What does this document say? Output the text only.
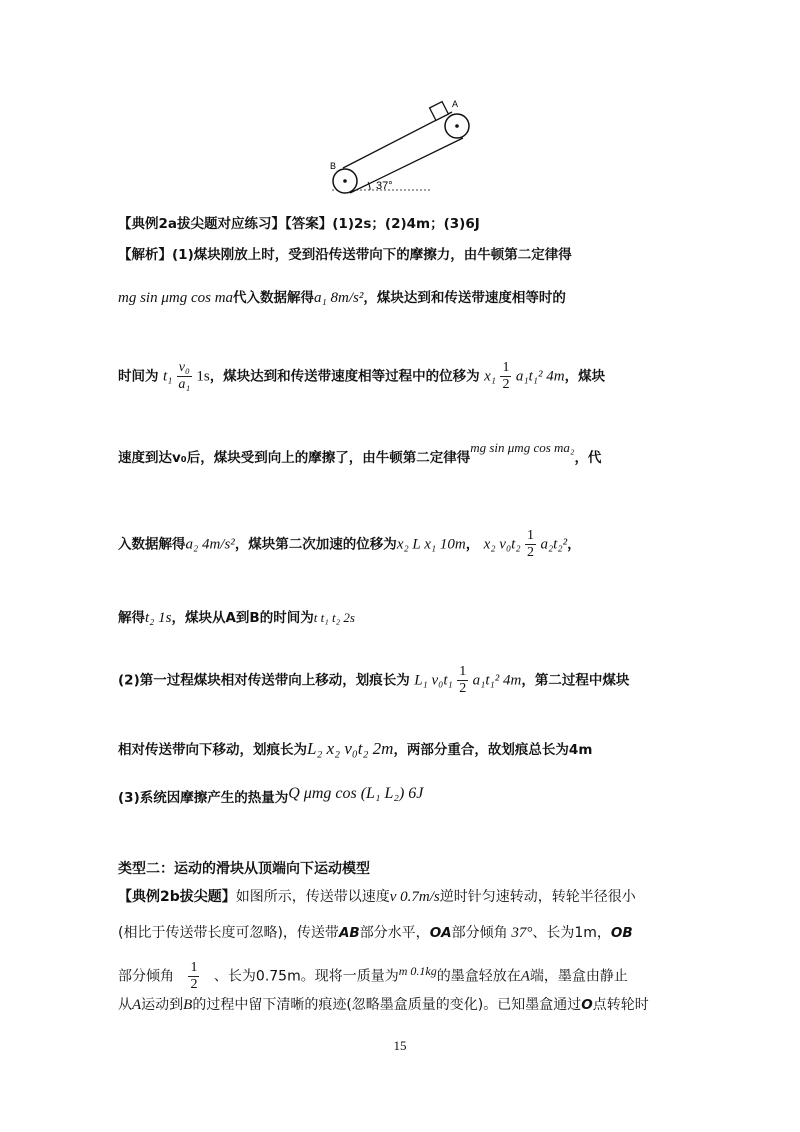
A
B
37°
【典例2a拔尖题对应练习】【答案】(1)2s；(2)4m；(3)6J
【解析】(1)煤块刚放上时，受到沿传送带向下的摩擦力，由牛顿第二定律得
mg sin μmg cos ma代入数据解得a₁ 8m/s²，煤块达到和传送带速度相等时的
时间为 $t_1 \frac{\text{v₀}}{\text{a₁}} 1s$，煤块达到和传送带速度相等过程中的位移为 $x_1 \frac{1}{2} a_1t_1^2$ 4m，煤块
速度到达v₀后，煤块受到向上的摩擦了，由牛顿第二定律得mg sin μmg cos ma₂，代
入数据解得a₂ 4m/s²，煤块第二次加速的位移为x₂ L x₁ 10m， x₂ $v_0t_2 \frac{1}{2} a_2t_2^2$，
解得t₂ 1s，煤块从A到B的时间为t t₁ t₂ 2s
(2)第一过程煤块相对传送带向上移动，划痕长为 L₁ $v_0t_1 \frac{1}{2} a_1t_1^2$ 4m，第二过程中煤块
相对传送带向下移动，划痕长为L₂ x₂ v₀t₂ 2m，两部分重合，故划痕总长为4m
(3)系统因摩擦产生的热量为Q μmg cos (L₁ L₂) 6J
类型二：运动的滑块从顶端向下运动模型
【典例2b拔尖题】如图所示，传送带以速度v 0.7m/s逆时针匀速转动，转轮半径很小
(相比于传送带长度可忽略)，传送带AB部分水平，OA部分倾角 37°、长为1m，OB
部分倾角 $\frac{1}{2}$ 、长为0.75m。现将一质量为m 0.1kg的墨盒轻放在A端，墨盒由静止
从A运动到B的过程中留下清晰的痕迹(忽略墨盒质量的变化)。已知墨盒通过O点转轮时
15
